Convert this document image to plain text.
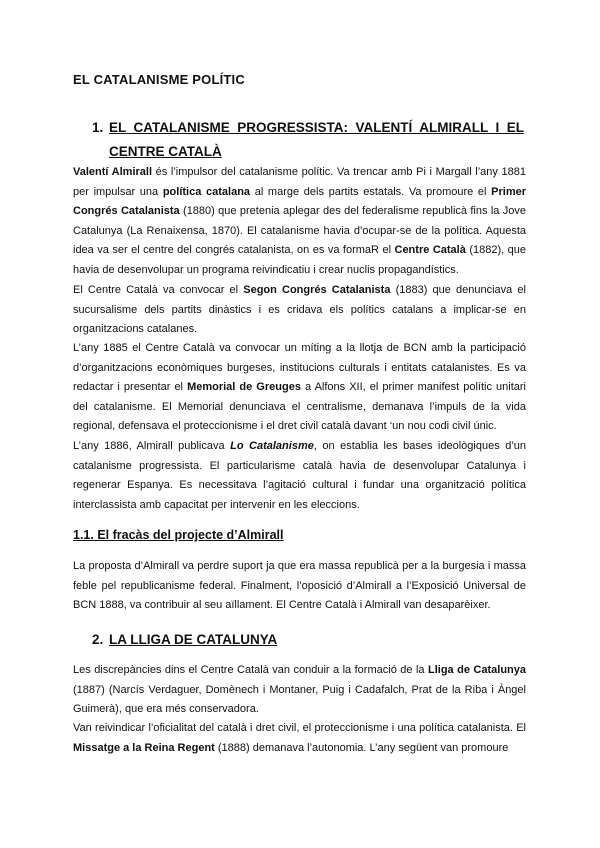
EL CATALANISME POLÍTIC
1. EL CATALANISME PROGRESSISTA: VALENTÍ ALMIRALL I EL
CENTRE CATALÀ

Valentí Almirall és l’impulsor del catalanisme polític. Va trencar amb Pi i Margall l’any 1881 per impulsar una política catalana al marge dels partits estatals. Va promoure el Primer Congrés Catalanista (1880) que pretenia aplegar des del federalisme republicà fins la Jove Catalunya (La Renaixensa, 1870). El catalanisme havia d’ocupar-se de la política. Aquesta idea va ser el centre del congrés catalanista, on es va formaR el Centre Català (1882), que havia de desenvolupar un programa reivindicatiu i crear nuclis propagandístics.

El Centre Català va convocar el Segon Congrés Catalanista (1883) que denunciava el sucursalisme dels partits dinàstics i es cridava els polítics catalans a implicar-se en organitzacions catalanes.

L’any 1885 el Centre Català va convocar un míting a la llotja de BCN amb la participació d’organitzacions econòmiques burgeses, institucions culturals i entitats catalanistes. Es va redactar i presentar el Memorial de Greuges a Alfons XII, el primer manifest polític unitari del catalanisme. El Memorial denunciava el centralisme, demanava l’impuls de la vida regional, defensava el proteccionisme i el dret civil català davant ‘un nou codi civil únic.

L’any 1886, Almirall publicava Lo Catalanisme, on establia les bases ideològiques d’un catalanisme progressista. El particularisme català havia de desenvolupar Catalunya i regenerar Espanya. Es necessitava l’agitació cultural i fundar una organització política interclassista amb capacitat per intervenir en les eleccions.

1.1. El fracàs del projecte d’Almirall

La proposta d’Almirall va perdre suport ja que era massa republicà per a la burgesia i massa feble pel republicanisme federal. Finalment, l’oposició d’Almirall a l’Exposició Universal de BCN 1888, va contribuir al seu aïllament. El Centre Català i Almirall van desaparèixer.

2. LA LLIGA DE CATALUNYA

Les discrepàncies dins el Centre Català van conduir a la formació de la Lliga de Catalunya (1887) (Narcís Verdaguer, Domènech i Montaner, Puig i Cadafalch, Prat de la Riba i Àngel Guimerà), que era més conservadora.

Van reivindicar l’oficialitat del català i dret civil, el proteccionisme i una política catalanista. El Missatge a la Reina Regent (1888) demanava l’autonomia. L’any següent van promoure
